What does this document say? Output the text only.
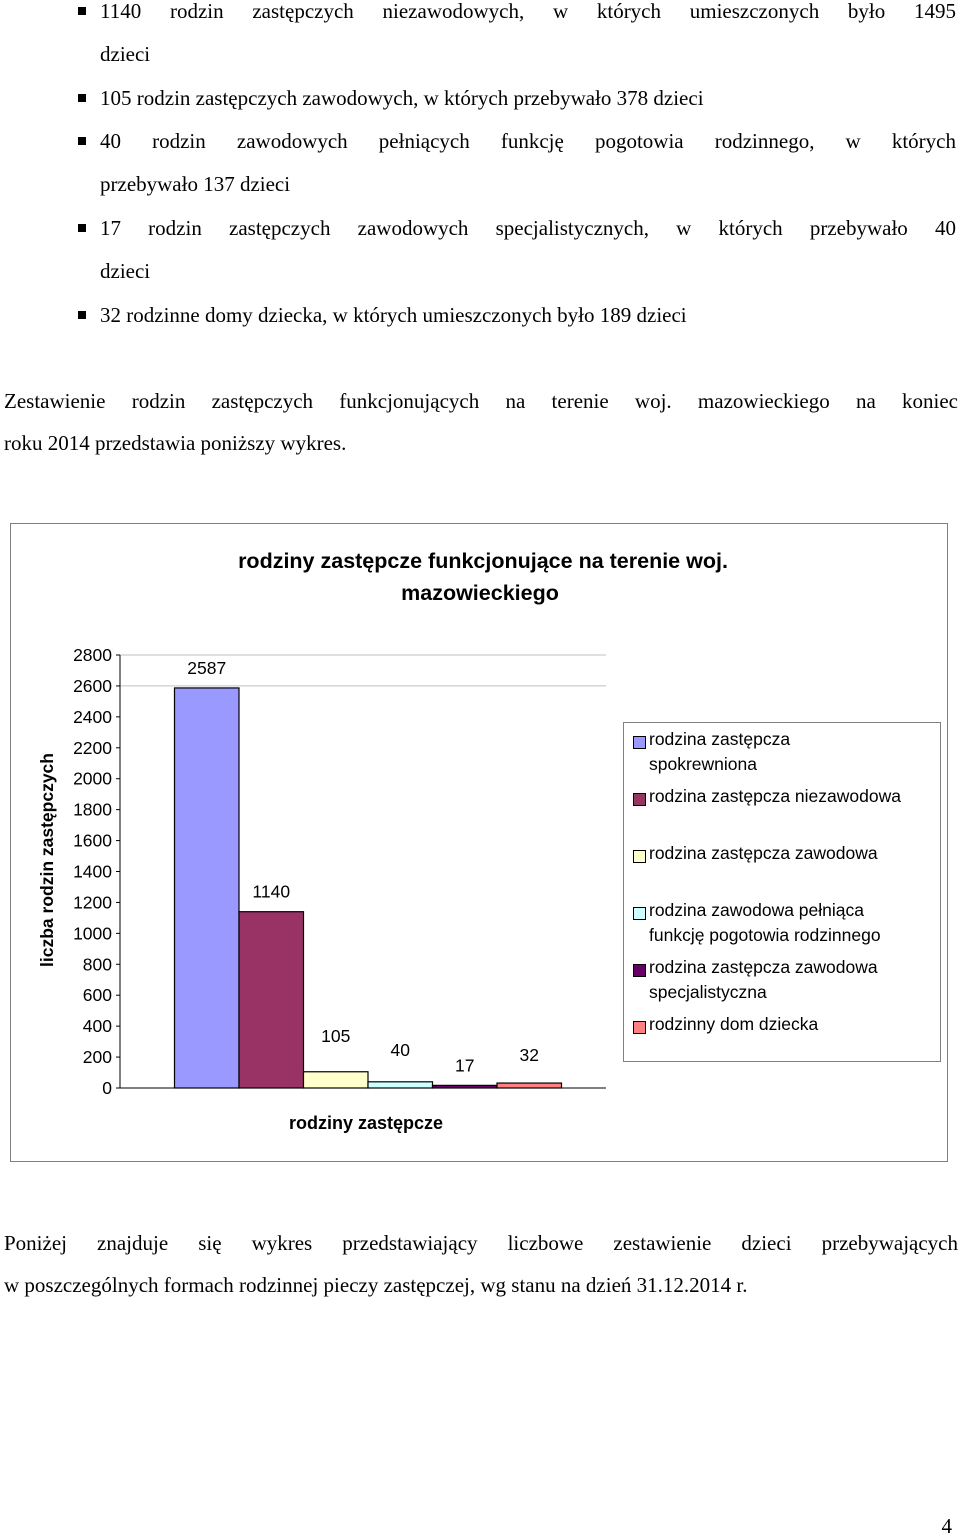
1140 rodzin zastępczych niezawodowych, w których umieszczonych było 1495
dzieci
105 rodzin zastępczych zawodowych, w których przebywało 378 dzieci
40 rodzin zawodowych pełniących funkcję pogotowia rodzinnego, w których
przebywało 137 dzieci
17 rodzin zastępczych zawodowych specjalistycznych, w których przebywało 40
dzieci
32 rodzinne domy dziecka, w których umieszczonych było 189 dzieci
Zestawienie rodzin zastępczych funkcjonujących na terenie woj. mazowieckiego na koniec
roku 2014 przedstawia poniższy wykres.
rodziny zastępcze funkcjonujące na terenie woj.
mazowieckiego
liczba rodzin zastępczych
rodziny zastępcze
0
200
400
600
800
1000
1200
1400
1600
1800
2000
2200
2400
2600
2800
2587
1140
105
40
17
32
rodzina zastępcza
spokrewniona
rodzina zastępcza niezawodowa
rodzina zastępcza zawodowa
rodzina zawodowa pełniąca
funkcję pogotowia rodzinnego
rodzina zastępcza zawodowa
specjalistyczna
rodzinny dom dziecka
Poniżej znajduje się wykres przedstawiający liczbowe zestawienie dzieci przebywających
w poszczególnych formach rodzinnej pieczy zastępczej, wg stanu na dzień 31.12.2014 r.
4
